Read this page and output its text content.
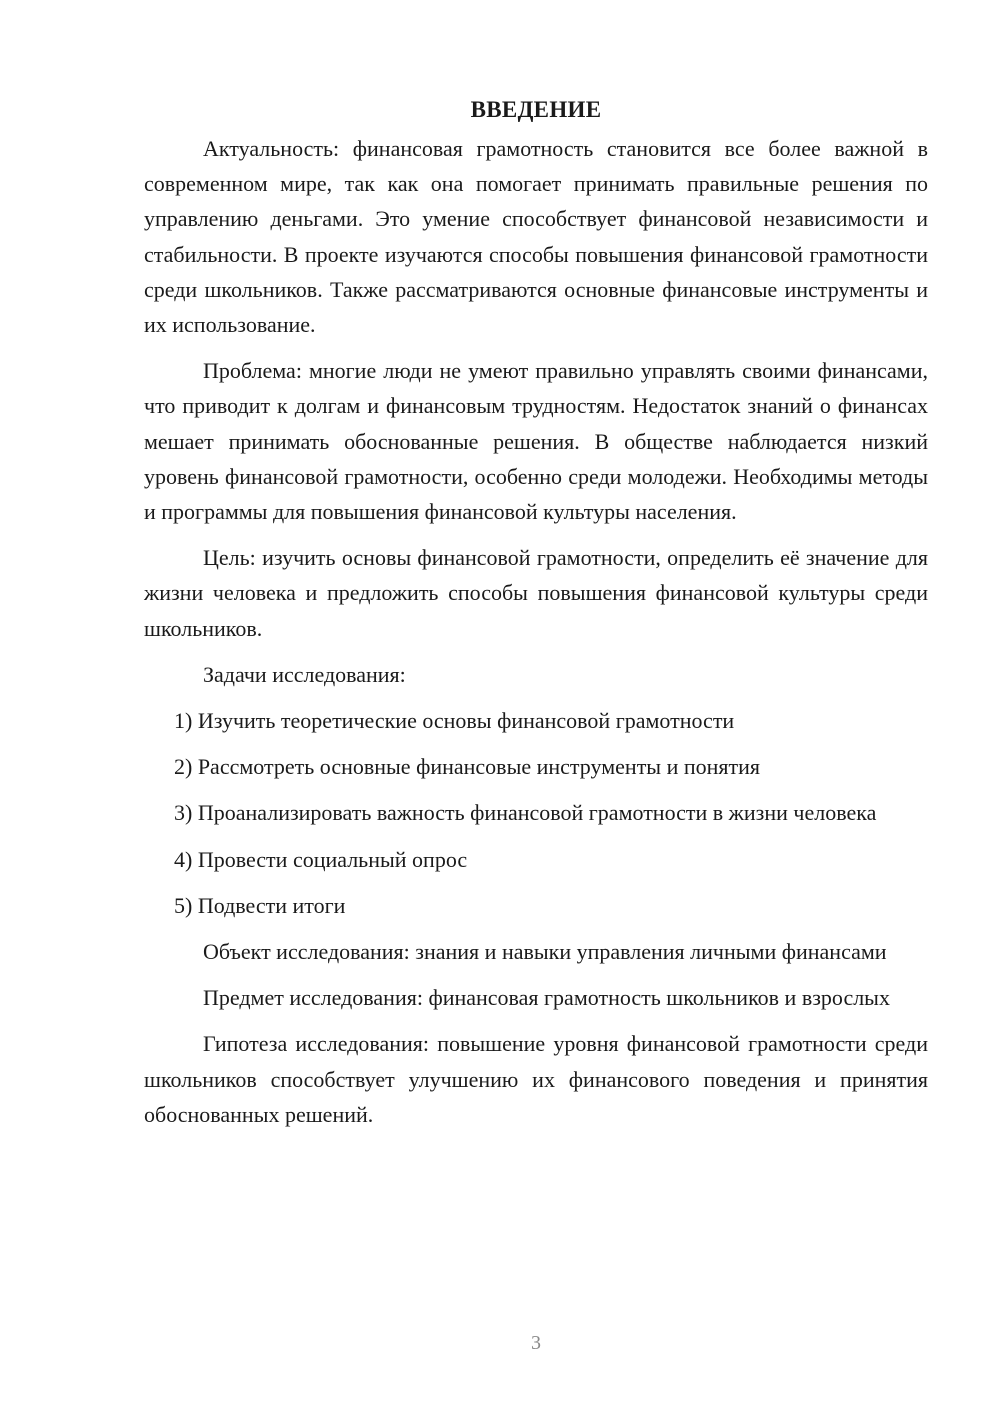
ВВЕДЕНИЕ

Актуальность: финансовая грамотность становится все более важной в современном мире, так как она помогает принимать правильные решения по управлению деньгами. Это умение способствует финансовой независимости и стабильности. В проекте изучаются способы повышения финансовой грамотности среди школьников. Также рассматриваются основные финансовые инструменты и их использование.

Проблема: многие люди не умеют правильно управлять своими финансами, что приводит к долгам и финансовым трудностям. Недостаток знаний о финансах мешает принимать обоснованные решения. В обществе наблюдается низкий уровень финансовой грамотности, особенно среди молодежи. Необходимы методы и программы для повышения финансовой культуры населения.

Цель: изучить основы финансовой грамотности, определить её значение для жизни человека и предложить способы повышения финансовой культуры среди школьников.

Задачи исследования:

1) Изучить теоретические основы финансовой грамотности

2) Рассмотреть основные финансовые инструменты и понятия

3) Проанализировать важность финансовой грамотности в жизни человека

4) Провести социальный опрос

5) Подвести итоги

Объект исследования: знания и навыки управления личными финансами

Предмет исследования: финансовая грамотность школьников и взрослых

Гипотеза исследования: повышение уровня финансовой грамотности среди школьников способствует улучшению их финансового поведения и принятия обоснованных решений.

3
